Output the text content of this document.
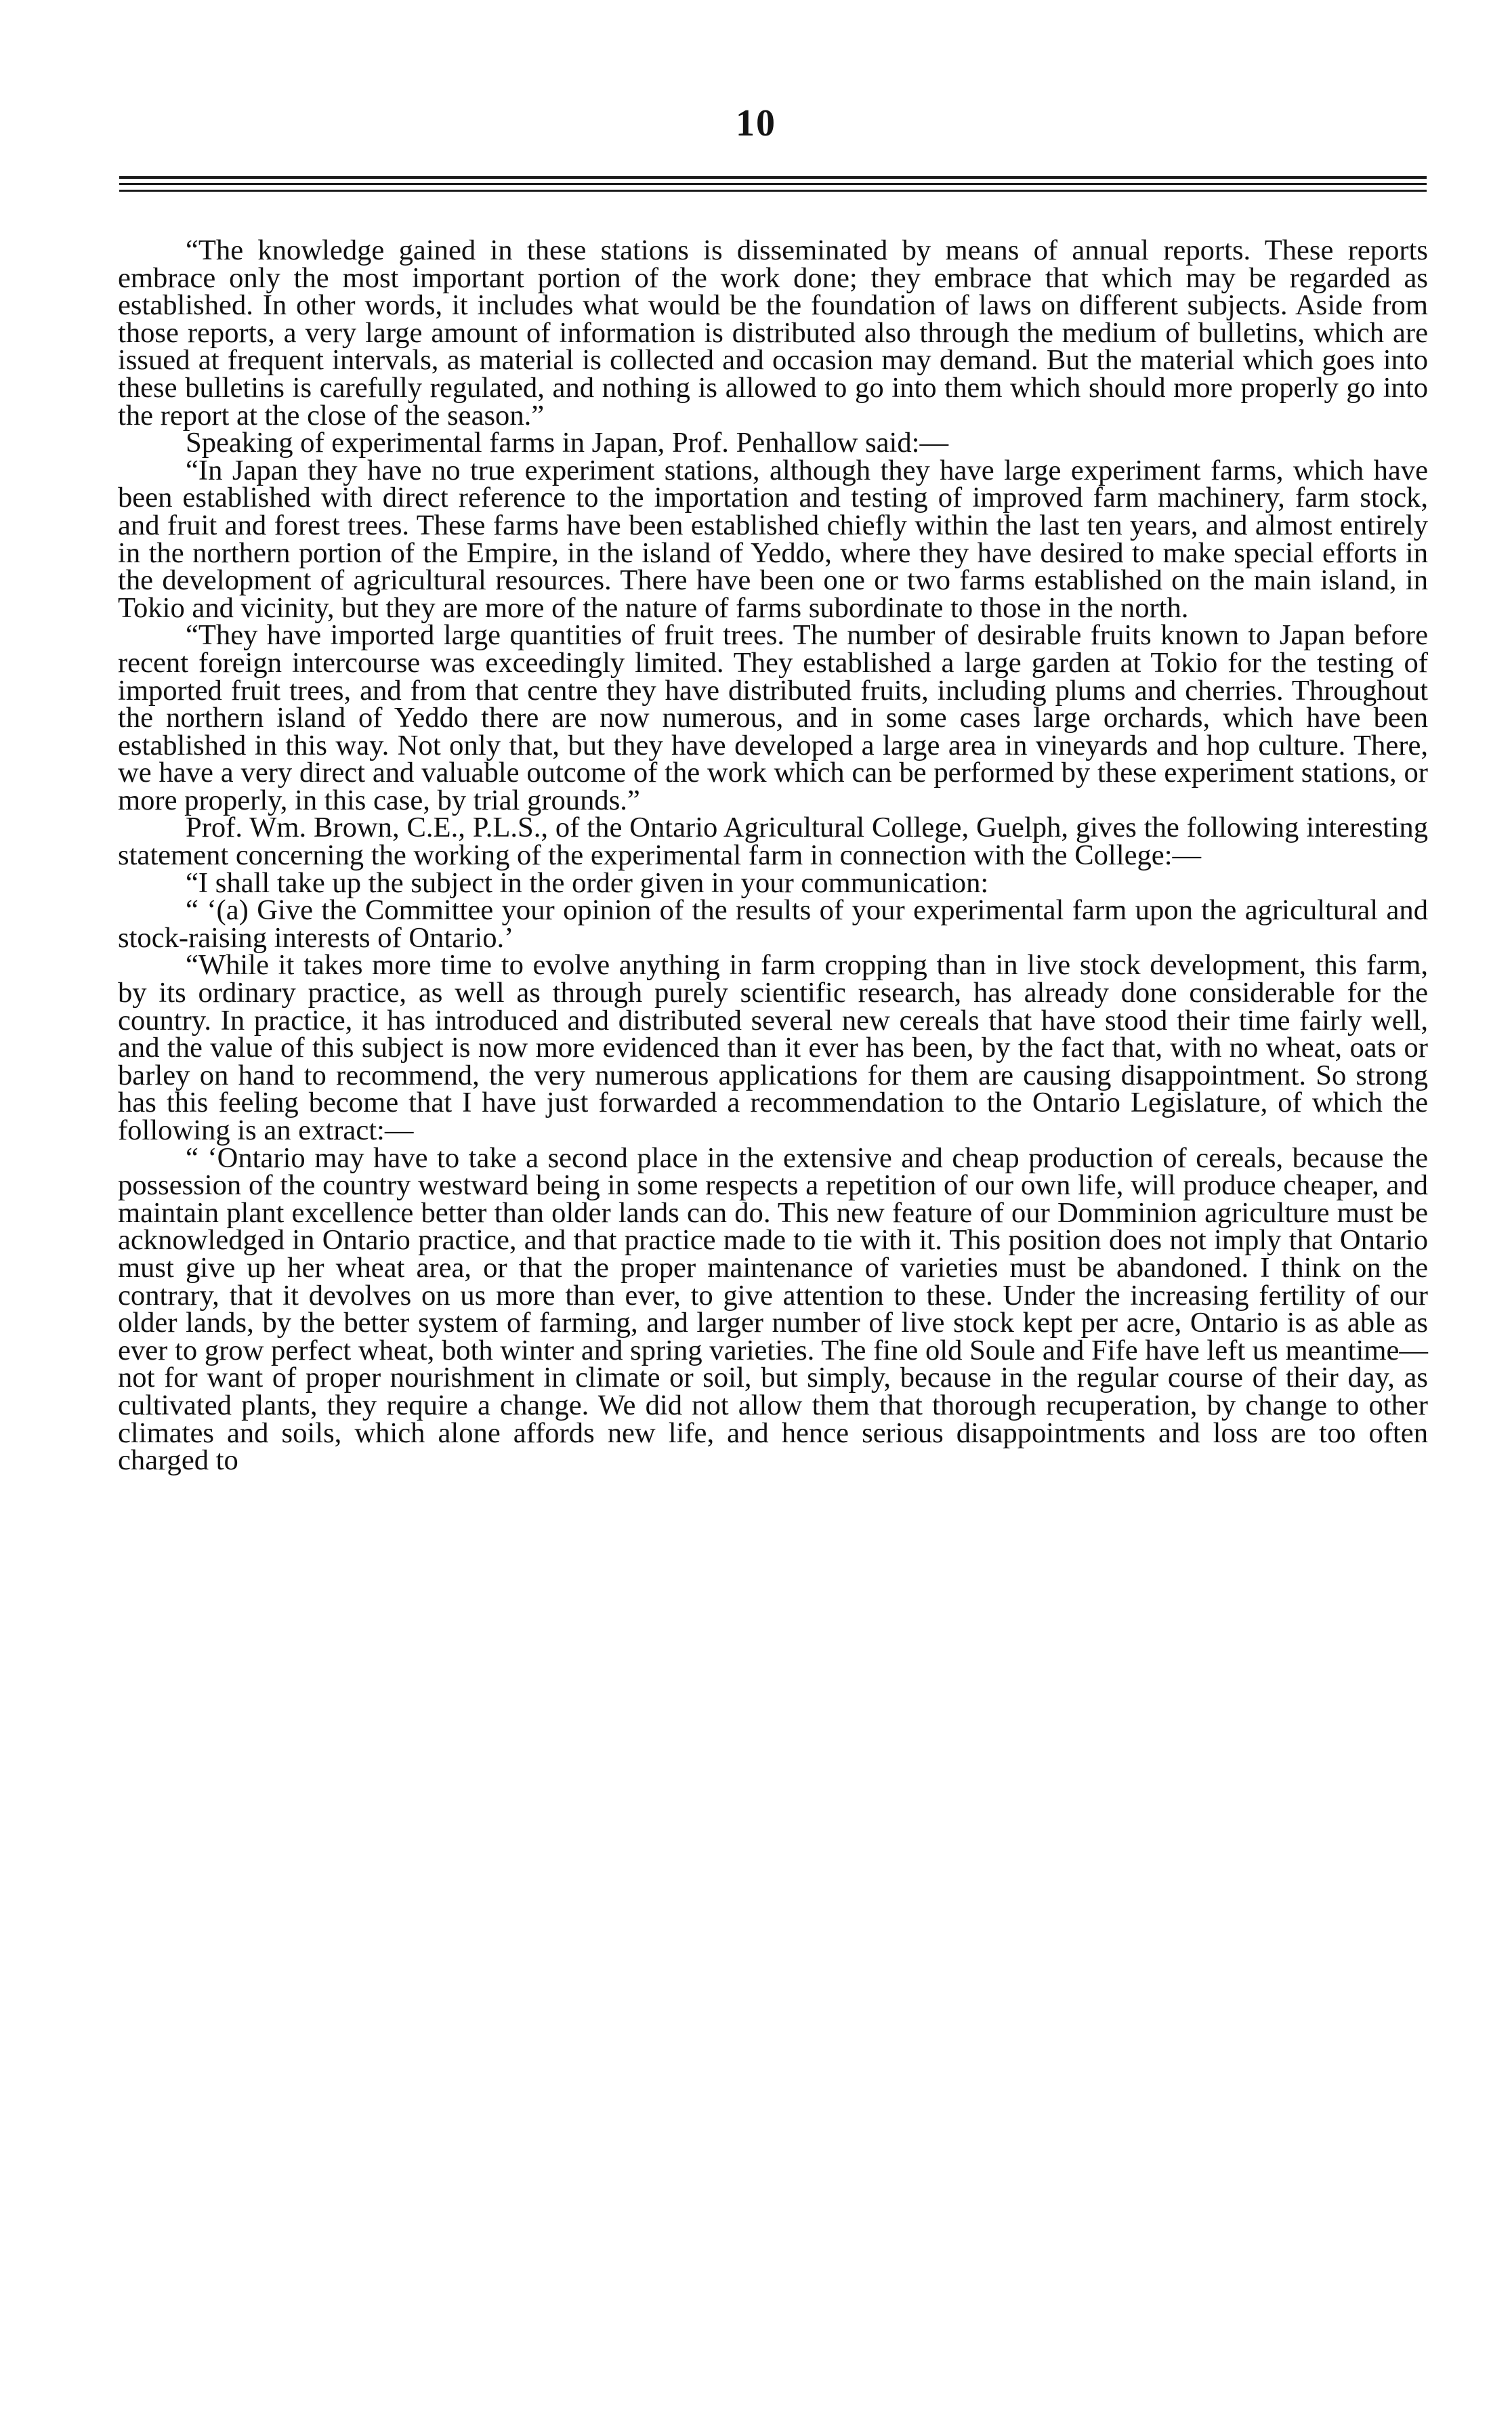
10

“The knowledge gained in these stations is disseminated by means of annual reports. These reports embrace only the most important portion of the work done; they embrace that which may be regarded as established. In other words, it includes what would be the foundation of laws on different subjects. Aside from those reports, a very large amount of information is distributed also through the medium of bulletins, which are issued at frequent intervals, as material is collected and occasion may demand. But the material which goes into these bulletins is carefully regulated, and nothing is allowed to go into them which should more properly go into the report at the close of the season.”

Speaking of experimental farms in Japan, Prof. Penhallow said:—

“In Japan they have no true experiment stations, although they have large experiment farms, which have been established with direct reference to the importation and testing of improved farm machinery, farm stock, and fruit and forest trees. These farms have been established chiefly within the last ten years, and almost entirely in the northern portion of the Empire, in the island of Yeddo, where they have desired to make special efforts in the development of agricultural resources. There have been one or two farms established on the main island, in Tokio and vicinity, but they are more of the nature of farms subordinate to those in the north.

“They have imported large quantities of fruit trees. The number of desirable fruits known to Japan before recent foreign intercourse was exceedingly limited. They established a large garden at Tokio for the testing of imported fruit trees, and from that centre they have distributed fruits, including plums and cherries. Throughout the northern island of Yeddo there are now numerous, and in some cases large orchards, which have been established in this way. Not only that, but they have developed a large area in vineyards and hop culture. There, we have a very direct and valuable outcome of the work which can be performed by these experiment stations, or more properly, in this case, by trial grounds.”

Prof. Wm. Brown, C.E., P.L.S., of the Ontario Agricultural College, Guelph, gives the following interesting statement concerning the working of the experimental farm in connection with the College:—

“I shall take up the subject in the order given in your communication:

“ ‘(a) Give the Committee your opinion of the results of your experimental farm upon the agricultural and stock-raising interests of Ontario.’

“While it takes more time to evolve anything in farm cropping than in live stock development, this farm, by its ordinary practice, as well as through purely scientific research, has already done considerable for the country. In practice, it has introduced and distributed several new cereals that have stood their time fairly well, and the value of this subject is now more evidenced than it ever has been, by the fact that, with no wheat, oats or barley on hand to recommend, the very numerous applications for them are causing disappointment. So strong has this feeling become that I have just forwarded a recommendation to the Ontario Legislature, of which the following is an extract:—

“ ‘Ontario may have to take a second place in the extensive and cheap production of cereals, because the possession of the country westward being in some respects a repetition of our own life, will produce cheaper, and maintain plant excellence better than older lands can do. This new feature of our Domminion agriculture must be acknowledged in Ontario practice, and that practice made to tie with it. This position does not imply that Ontario must give up her wheat area, or that the proper maintenance of varieties must be abandoned. I think on the contrary, that it devolves on us more than ever, to give attention to these. Under the increasing fertility of our older lands, by the better system of farming, and larger number of live stock kept per acre, Ontario is as able as ever to grow perfect wheat, both winter and spring varieties. The fine old Soule and Fife have left us meantime—not for want of proper nourishment in climate or soil, but simply, because in the regular course of their day, as cultivated plants, they require a change. We did not allow them that thorough recuperation, by change to other climates and soils, which alone affords new life, and hence serious disappointments and loss are too often charged to
